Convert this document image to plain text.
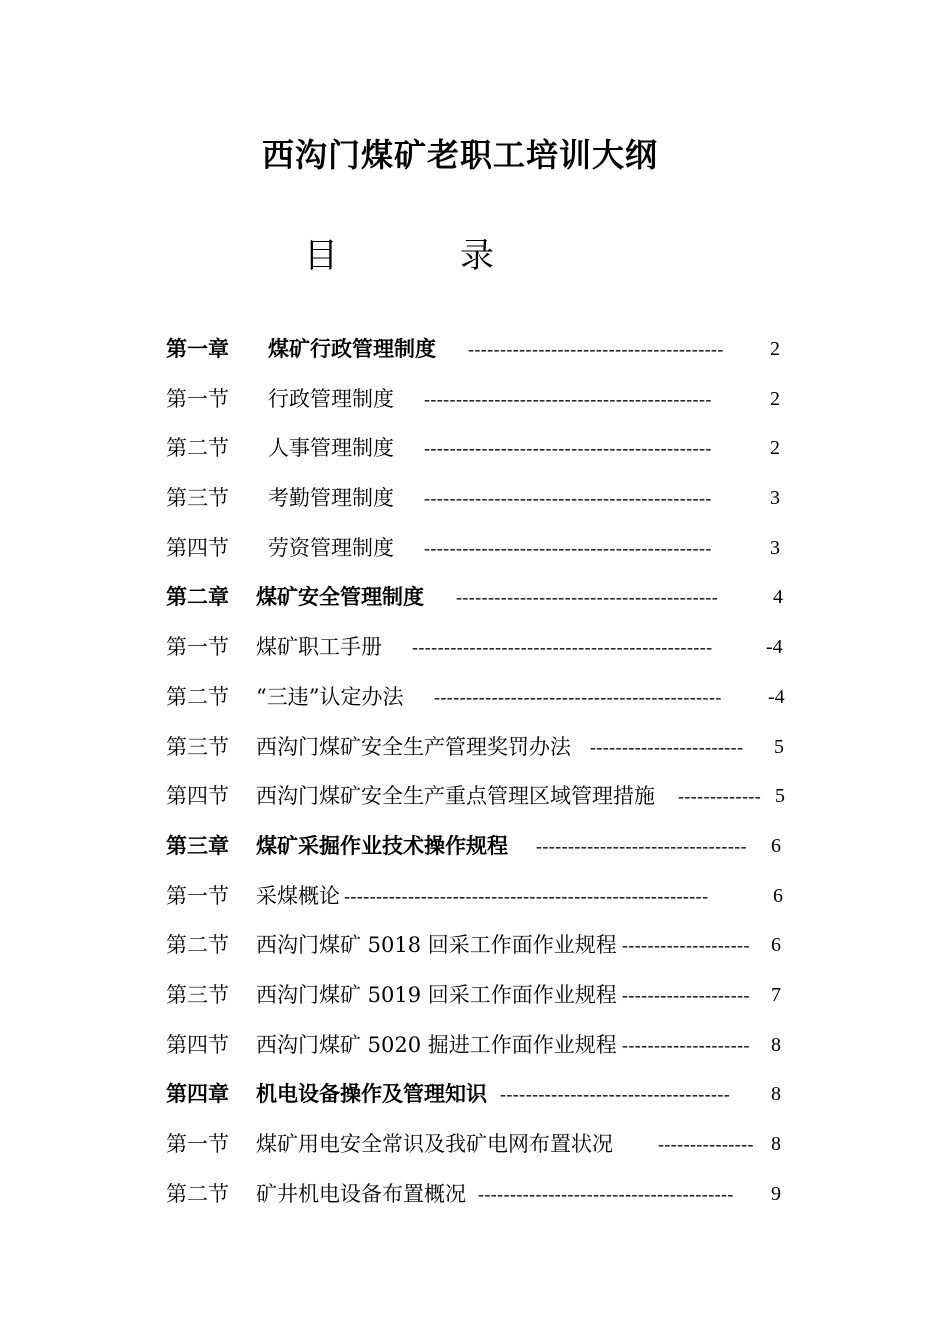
西沟门煤矿老职工培训大纲
目	录
第一章 煤矿行政管理制度 ----------------------------------------	2
第一节 行政管理制度 ---------------------------------------------	2
第二节 人事管理制度 ---------------------------------------------	2
第三节 考勤管理制度 ---------------------------------------------	3
第四节 劳资管理制度 ---------------------------------------------	3
第二章 煤矿安全管理制度 -----------------------------------------	4
第一节 煤矿职工手册 -----------------------------------------------	-4
第二节 “三违”认定办法 ---------------------------------------------	-4
第三节 西沟门煤矿安全生产管理奖罚办法 ------------------------	5
第四节 西沟门煤矿安全生产重点管理区域管理措施 ------------- 5
第三章 煤矿采掘作业技术操作规程 ---------------------------------	6
第一节 采煤概论 ---------------------------------------------------------	6
第二节 西沟门煤矿 5018 回采工作面作业规程 --------------------	6
第三节 西沟门煤矿 5019 回采工作面作业规程 --------------------	7
第四节 西沟门煤矿 5020 掘进工作面作业规程 --------------------	8
第四章 机电设备操作及管理知识 ------------------------------------	8
第一节 煤矿用电安全常识及我矿电网布置状况	--------------- 8
第二节 矿井机电设备布置概况 ----------------------------------------	9
